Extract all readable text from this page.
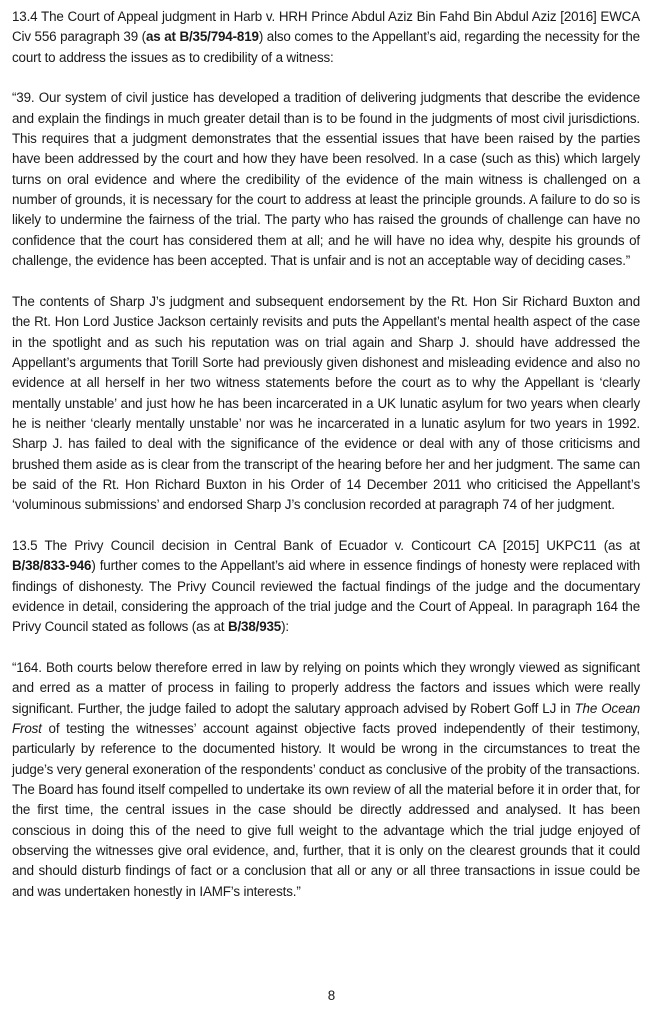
13.4 The Court of Appeal judgment in Harb v. HRH Prince Abdul Aziz Bin Fahd Bin Abdul Aziz [2016] EWCA Civ 556 paragraph 39 (as at B/35/794-819) also comes to the Appellant’s aid, regarding the necessity for the court to address the issues as to credibility of a witness:

“39. Our system of civil justice has developed a tradition of delivering judgments that describe the evidence and explain the findings in much greater detail than is to be found in the judgments of most civil jurisdictions. This requires that a judgment demonstrates that the essential issues that have been raised by the parties have been addressed by the court and how they have been resolved. In a case (such as this) which largely turns on oral evidence and where the credibility of the evidence of the main witness is challenged on a number of grounds, it is necessary for the court to address at least the principle grounds. A failure to do so is likely to undermine the fairness of the trial. The party who has raised the grounds of challenge can have no confidence that the court has considered them at all; and he will have no idea why, despite his grounds of challenge, the evidence has been accepted. That is unfair and is not an acceptable way of deciding cases.”

The contents of Sharp J’s judgment and subsequent endorsement by the Rt. Hon Sir Richard Buxton and the Rt. Hon Lord Justice Jackson certainly revisits and puts the Appellant’s mental health aspect of the case in the spotlight and as such his reputation was on trial again and Sharp J. should have addressed the Appellant’s arguments that Torill Sorte had previously given dishonest and misleading evidence and also no evidence at all herself in her two witness statements before the court as to why the Appellant is ‘clearly mentally unstable’ and just how he has been incarcerated in a UK lunatic asylum for two years when clearly he is neither ‘clearly mentally unstable’ nor was he incarcerated in a lunatic asylum for two years in 1992. Sharp J. has failed to deal with the significance of the evidence or deal with any of those criticisms and brushed them aside as is clear from the transcript of the hearing before her and her judgment. The same can be said of the Rt. Hon Richard Buxton in his Order of 14 December 2011 who criticised the Appellant’s ‘voluminous submissions’ and endorsed Sharp J’s conclusion recorded at paragraph 74 of her judgment.

13.5 The Privy Council decision in Central Bank of Ecuador v. Conticourt CA [2015] UKPC11 (as at B/38/833-946) further comes to the Appellant’s aid where in essence findings of honesty were replaced with findings of dishonesty. The Privy Council reviewed the factual findings of the judge and the documentary evidence in detail, considering the approach of the trial judge and the Court of Appeal. In paragraph 164 the Privy Council stated as follows (as at B/38/935):

“164. Both courts below therefore erred in law by relying on points which they wrongly viewed as significant and erred as a matter of process in failing to properly address the factors and issues which were really significant. Further, the judge failed to adopt the salutary approach advised by Robert Goff LJ in The Ocean Frost of testing the witnesses’ account against objective facts proved independently of their testimony, particularly by reference to the documented history. It would be wrong in the circumstances to treat the judge’s very general exoneration of the respondents’ conduct as conclusive of the probity of the transactions. The Board has found itself compelled to undertake its own review of all the material before it in order that, for the first time, the central issues in the case should be directly addressed and analysed. It has been conscious in doing this of the need to give full weight to the advantage which the trial judge enjoyed of observing the witnesses give oral evidence, and, further, that it is only on the clearest grounds that it could and should disturb findings of fact or a conclusion that all or any or all three transactions in issue could be and was undertaken honestly in IAMF’s interests.”

8
